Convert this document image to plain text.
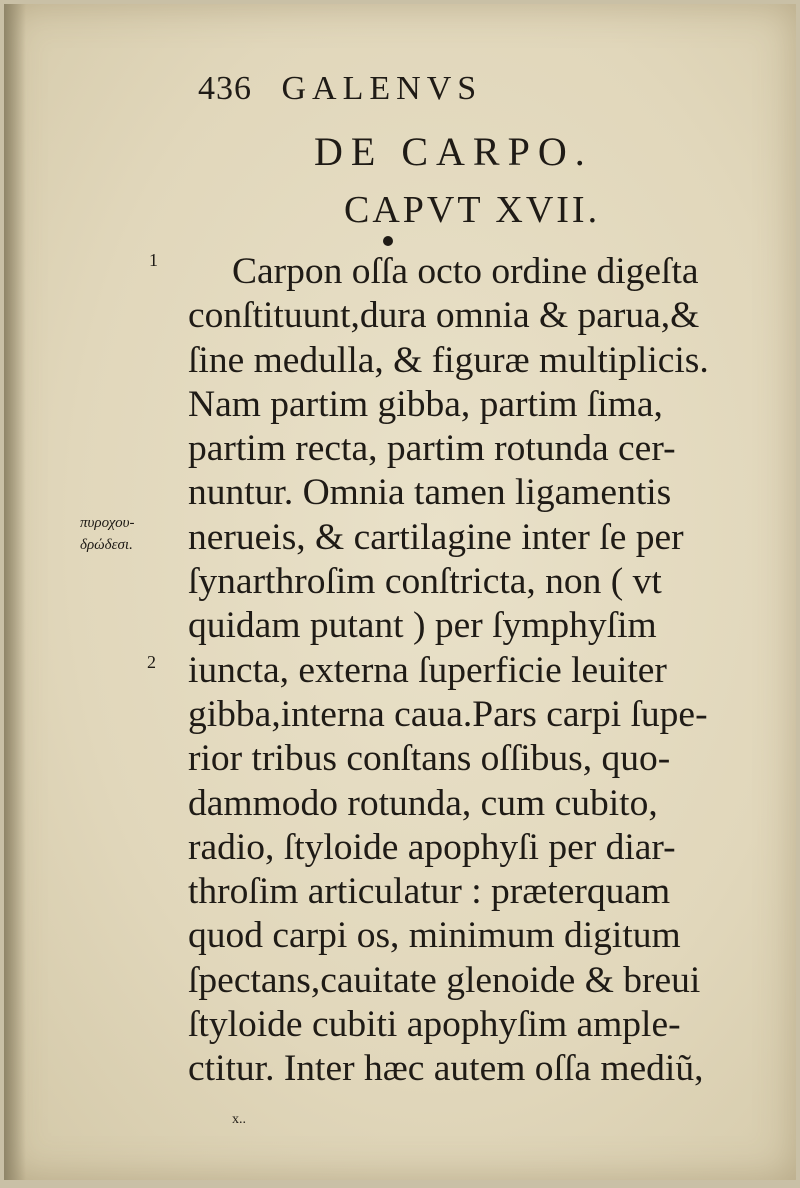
436 GALENVS
DE CARPO.
CAPVT XVII.
1
πυροχου-
δρώδεσι.
2
Carpon oſſa octo ordine digeſta
conſtituunt,dura omnia & parua,&
ſine medulla, & figuræ multiplicis.
Nam partim gibba, partim ſima,
partim recta, partim rotunda cer-
nuntur. Omnia tamen ligamentis
nerueis, & cartilagine inter ſe per
ſynarthroſim conſtricta, non ( vt
quidam putant ) per ſymphyſim
iuncta, externa ſuperficie leuiter
gibba,interna caua.Pars carpi ſupe-
rior tribus conſtans oſſibus, quo-
dammodo rotunda, cum cubito,
radio, ſtyloide apophyſi per diar-
throſim articulatur : præterquam
quod carpi os, minimum digitum
ſpectans,cauitate glenoide & breui
ſtyloide cubiti apophyſim ample-
ctitur. Inter hæc autem oſſa mediũ,
x..
